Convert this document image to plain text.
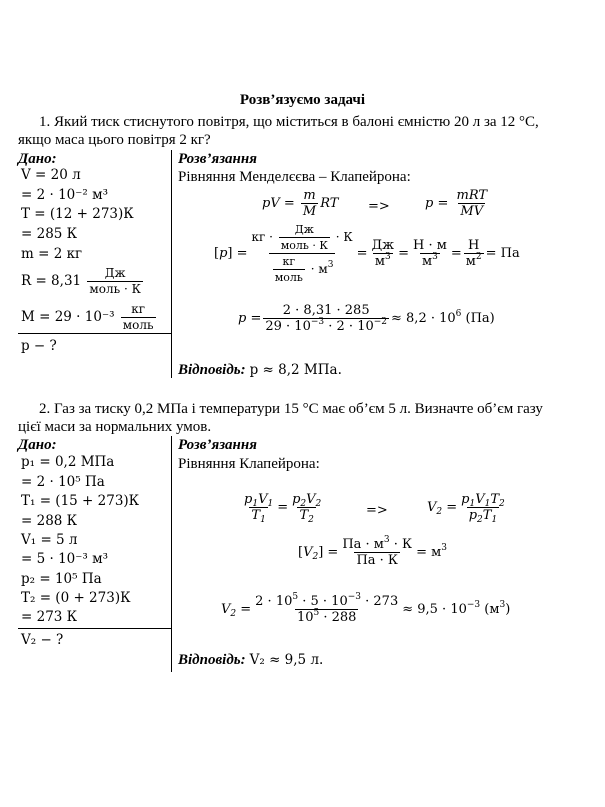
Розв’язуємо задачі
1. Який тиск стиснутого повітря, що міститься в балоні ємністю 20 л за 12 °C,
якщо маса цього повітря 2 кг?
Дано:	Розв’язання
V = 20 л
= 2 · 10⁻² м³
T = (12 + 273)К
= 285 К
m = 2 кг
$R = 8,31 \frac{Дж}{\text{моль · К}}$
$M = 29 \cdot 10^{-3} \frac{кг}{\text{моль}}$
p − ?
Рівняння Менделєєва – Клапейрона:
pV = $\frac{m}{M}$ RT =>	$p = \frac{\text{mRT}}{MV}$
$[p] = \frac{кг \cdot \frac{Дж}{\text{моль · К}} \cdot К}{\frac{кг}{\text{моль}} \cdot м^3} = \frac{Дж}{м^3} = \frac{Н \cdot м}{м^3} = \frac{Н}{м^2}$ = Па
$p = \frac{2 \cdot 8,31 \cdot 285}{29 \cdot 10^{-3} \cdot 2 \cdot 10^{-2}} \approx 8,2 \cdot 10^6$ (Па)
Відповідь: p ≈ 8,2 МПа.
2. Газ за тиску 0,2 МПа і температури 15 °C має об’єм 5 л. Визначте об’єм газу
цієї маси за нормальних умов.
Дано:	Розв’язання
p₁ = 0,2 МПа
= 2 · 10⁵ Па
T₁ = (15 + 273)К
= 288 К
V₁ = 5 л
= 5 · 10⁻³ м³
p₂ = 10⁵ Па
T₂ = (0 + 273)К
= 273 К
V₂ − ?
Рівняння Клапейрона:
$\frac{p_1V_1}{T_1} = \frac{p_2V_2}{T_2}$	=>	$V_2 = \frac{p_1V_1T_2}{p_2T_1}$
$[V_2] = \frac{Па \cdot м^3 \cdot К}{Па \cdot К} = м^3$
$V_2 = \frac{2 \cdot 10^5 \cdot 5 \cdot 10^{-3} \cdot 273}{10^5 \cdot 288} \approx 9,5 \cdot 10^{-3}$ $(м^3)$
Відповідь: V₂ ≈ 9,5 л.
